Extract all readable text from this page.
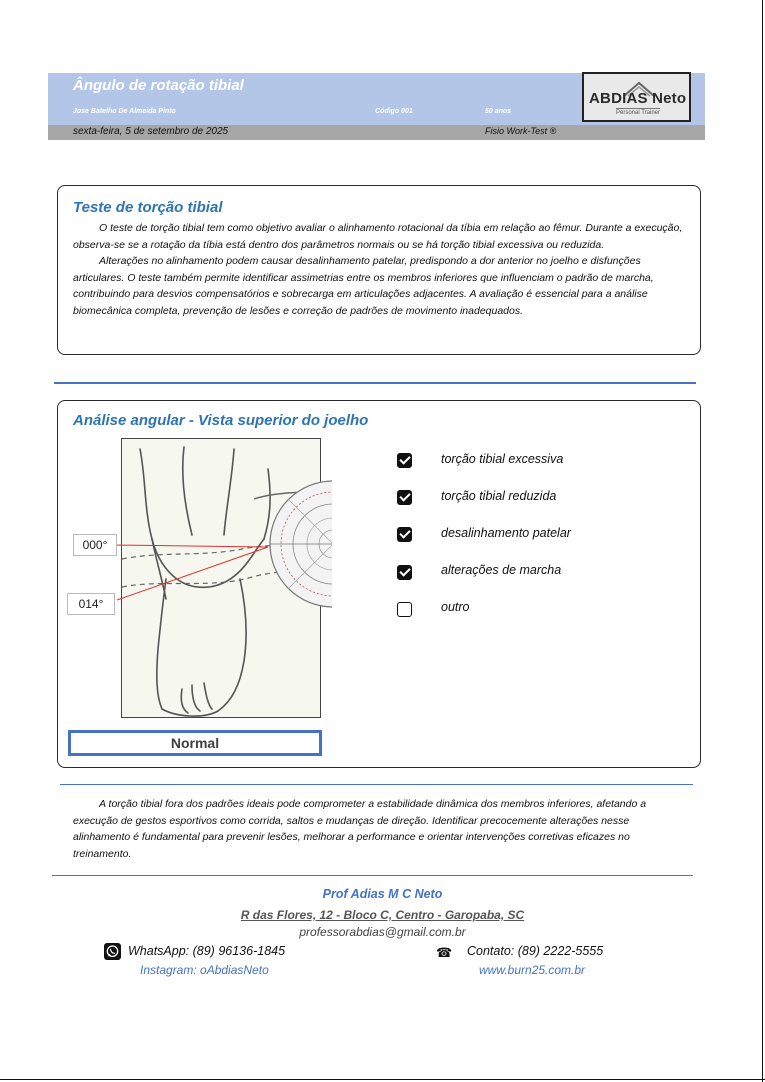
Ângulo de rotação tibial
Jose Batelho De Almeida Pinto	Código 001	50 anos
sexta-feira, 5 de setembro de 2025	Fisio Work-Test ®
ABDIAS Neto
Personal Trainer
Teste de torção tibial

O teste de torção tibial tem como objetivo avaliar o alinhamento rotacional da tíbia em relação ao fêmur. Durante a execução, observa-se se a rotação da tíbia está dentro dos parâmetros normais ou se há torção tibial excessiva ou reduzida.

Alterações no alinhamento podem causar desalinhamento patelar, predispondo a dor anterior no joelho e disfunções articulares. O teste também permite identificar assimetrias entre os membros inferiores que influenciam o padrão de marcha, contribuindo para desvios compensatórios e sobrecarga em articulações adjacentes. A avaliação é essencial para a análise biomecânica completa, prevenção de lesões e correção de padrões de movimento inadequados.

Análise angular - Vista superior do joelho
000°
014°
Normal
torção tibial excessiva
torção tibial reduzida
desalinhamento patelar
alterações de marcha
outro

A torção tibial fora dos padrões ideais pode comprometer a estabilidade dinâmica dos membros inferiores, afetando a execução de gestos esportivos como corrida, saltos e mudanças de direção. Identificar precocemente alterações nesse alinhamento é fundamental para prevenir lesões, melhorar a performance e orientar intervenções corretivas eficazes no treinamento.

Prof Adias M C Neto
R das Flores, 12 - Bloco C, Centro - Garopaba, SC
professorabdias@gmail.com.br
WhatsApp: (89) 96136-1845	☎ Contato: (89) 2222-5555
Instagram: oAbdiasNeto	www.burn25.com.br
